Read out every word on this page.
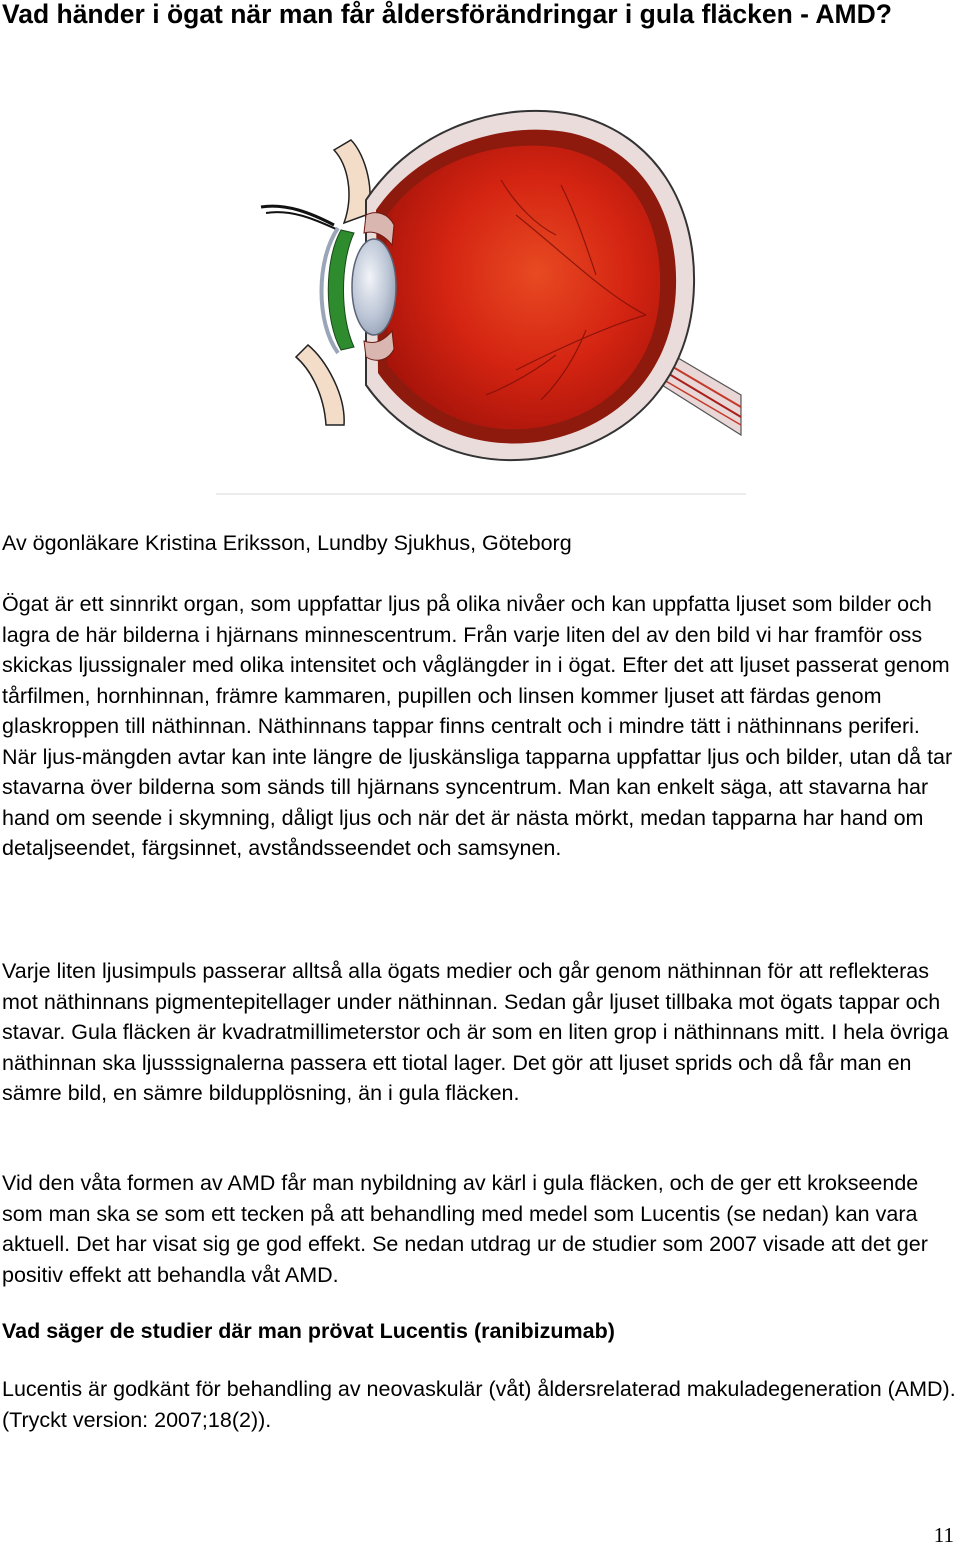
Vad händer i ögat när man får åldersförändringar i gula fläcken - AMD?

Av ögonläkare Kristina Eriksson, Lundby Sjukhus, Göteborg

Ögat är ett sinnrikt organ, som uppfattar ljus på olika nivåer och kan uppfatta ljuset som bilder och lagra de här bilderna i hjärnans minnescentrum. Från varje liten del av den bild vi har framför oss skickas ljussignaler med olika intensitet och våglängder in i ögat. Efter det att ljuset passerat genom tårfilmen, hornhinnan, främre kammaren, pupillen och linsen kommer ljuset att färdas genom glaskroppen till näthinnan. Näthinnans tappar finns centralt och i mindre tätt i näthinnans periferi. När ljus-mängden avtar kan inte längre de ljuskänsliga tapparna uppfattar ljus och bilder, utan då tar stavarna över bilderna som sänds till hjärnans syncentrum. Man kan enkelt säga, att stavarna har hand om seende i skymning, dåligt ljus och när det är nästa mörkt, medan tapparna har hand om detaljseendet, färgsinnet, avståndsseendet och samsynen.

Varje liten ljusimpuls passerar alltså alla ögats medier och går genom näthinnan för att reflekteras mot näthinnans pigmentepitellager under näthinnan. Sedan går ljuset tillbaka mot ögats tappar och stavar. Gula fläcken är kvadratmillimeterstor och är som en liten grop i näthinnans mitt. I hela övriga näthinnan ska ljusssignalerna passera ett tiotal lager. Det gör att ljuset sprids och då får man en sämre bild, en sämre bildupplösning, än i gula fläcken.

Vid den våta formen av AMD får man nybildning av kärl i gula fläcken, och de ger ett krokseende som man ska se som ett tecken på att behandling med medel som Lucentis (se nedan) kan vara aktuell. Det har visat sig ge god effekt. Se nedan utdrag ur de studier som 2007 visade att det ger positiv effekt att behandla våt AMD.

Vad säger de studier där man prövat Lucentis (ranibizumab)

Lucentis är godkänt för behandling av neovaskulär (våt) åldersrelaterad makuladegeneration (AMD). (Tryckt version: 2007;18(2)).

11
